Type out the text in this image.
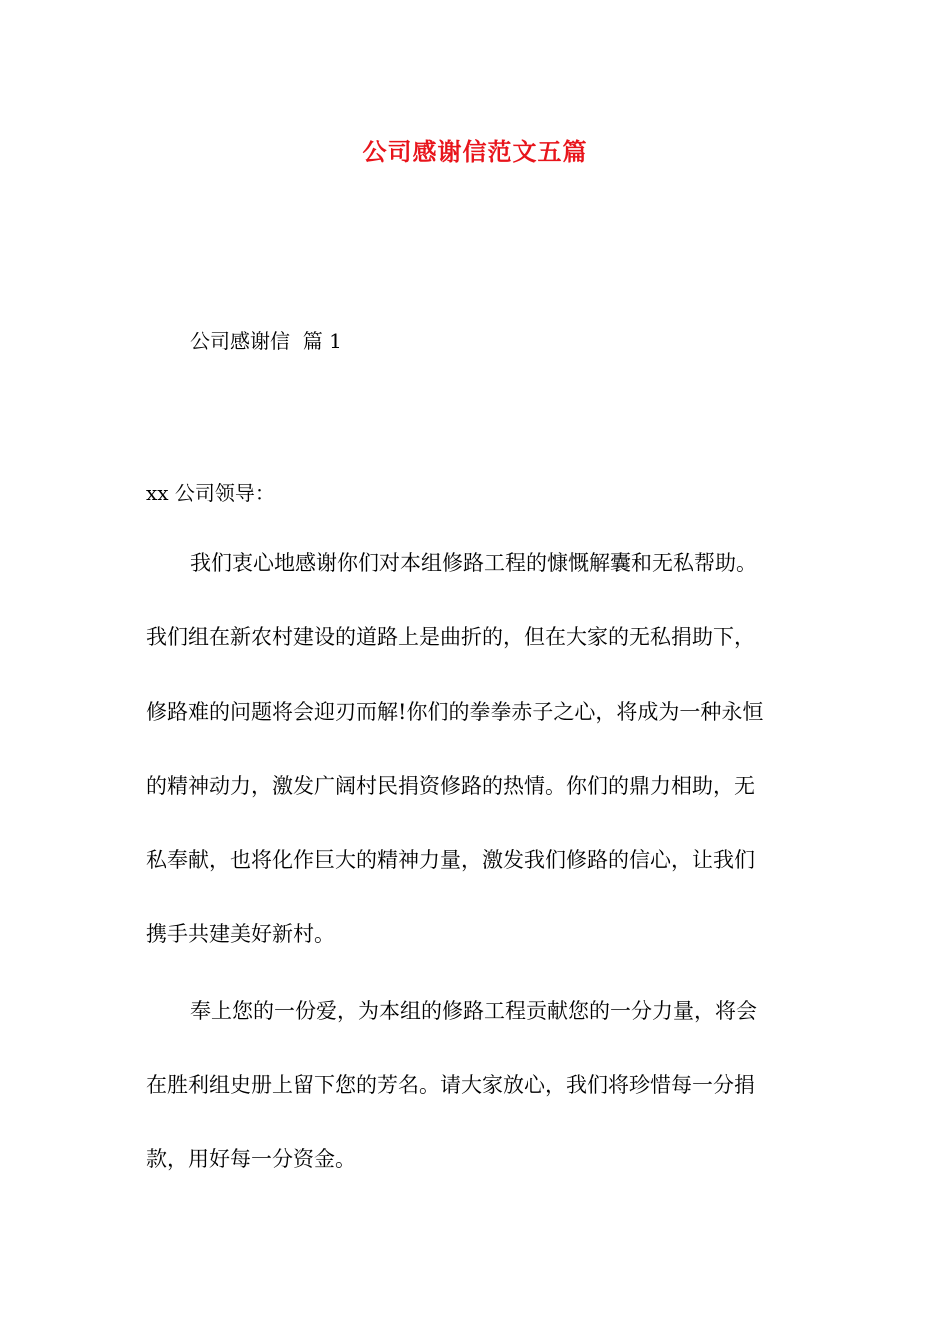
公司感谢信范文五篇
公司感谢信  篇 1
xx 公司领导：
我们衷心地感谢你们对本组修路工程的慷慨解囊和无私帮助。
我们组在新农村建设的道路上是曲折的，但在大家的无私捐助下，
修路难的问题将会迎刃而解!你们的拳拳赤子之心，将成为一种永恒
的精神动力，激发广阔村民捐资修路的热情。你们的鼎力相助，无
私奉献，也将化作巨大的精神力量，激发我们修路的信心，让我们
携手共建美好新村。
奉上您的一份爱，为本组的修路工程贡献您的一分力量，将会
在胜利组史册上留下您的芳名。请大家放心，我们将珍惜每一分捐
款，用好每一分资金。
